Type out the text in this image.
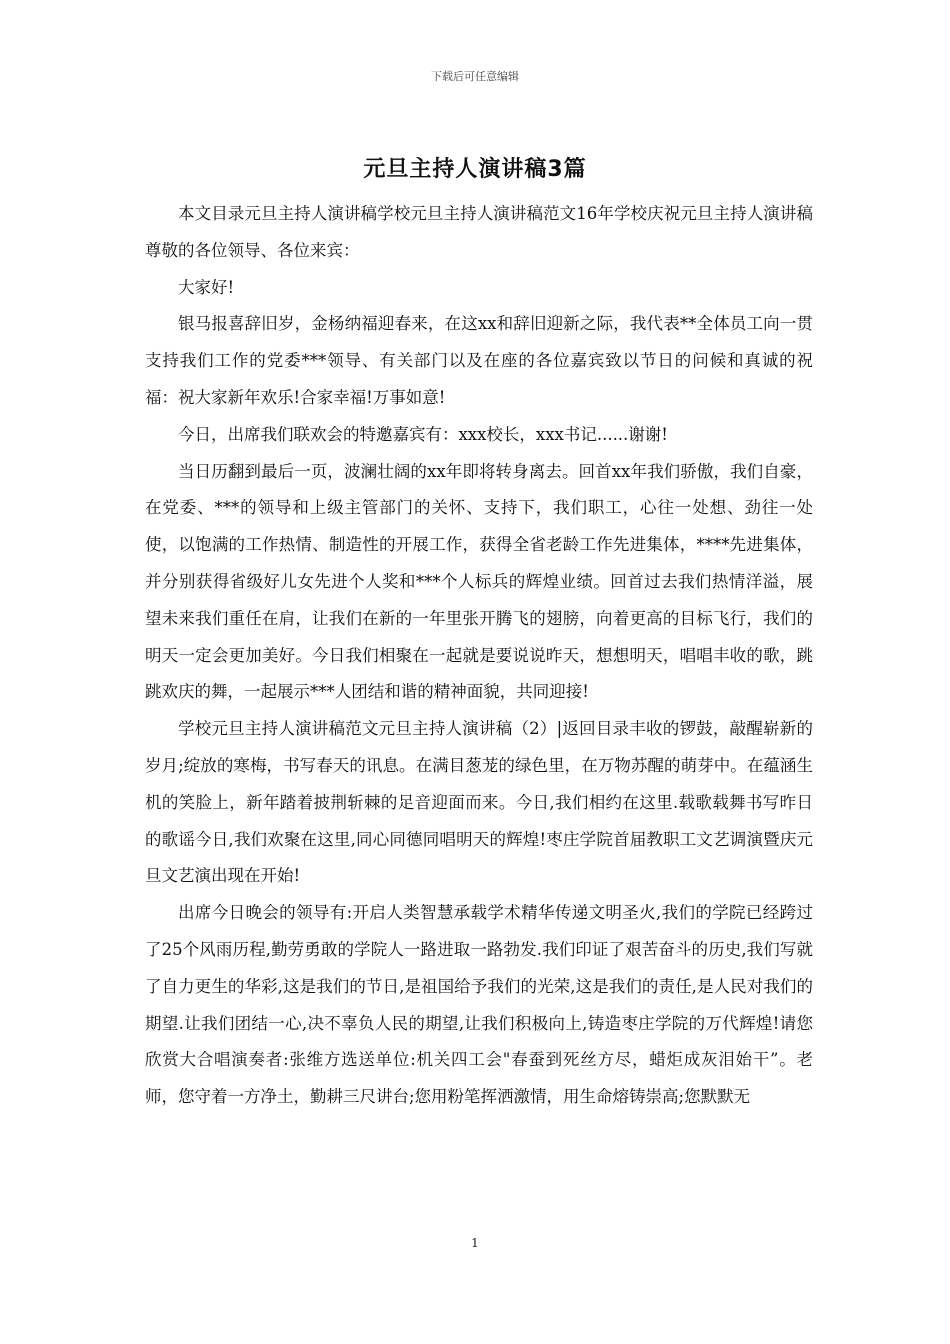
下载后可任意编辑
元旦主持人演讲稿3篇

本文目录元旦主持人演讲稿学校元旦主持人演讲稿范文16年学校庆祝元旦主持人演讲稿尊敬的各位领导、各位来宾：

大家好!

银马报喜辞旧岁，金杨纳福迎春来，在这xx和辞旧迎新之际，我代表**全体员工向一贯支持我们工作的党委***领导、有关部门以及在座的各位嘉宾致以节日的问候和真诚的祝福：祝大家新年欢乐!合家幸福!万事如意!

今日，出席我们联欢会的特邀嘉宾有：xxx校长，xxx书记......谢谢!

当日历翻到最后一页，波澜壮阔的xx年即将转身离去。回首xx年我们骄傲，我们自豪，在党委、***的领导和上级主管部门的关怀、支持下，我们职工，心往一处想、劲往一处使，以饱满的工作热情、制造性的开展工作，获得全省老龄工作先进集体，****先进集体，并分别获得省级好儿女先进个人奖和***个人标兵的辉煌业绩。回首过去我们热情洋溢，展望未来我们重任在肩，让我们在新的一年里张开腾飞的翅膀，向着更高的目标飞行，我们的明天一定会更加美好。今日我们相聚在一起就是要说说昨天，想想明天，唱唱丰收的歌，跳跳欢庆的舞，一起展示***人团结和谐的精神面貌，共同迎接!

学校元旦主持人演讲稿范文元旦主持人演讲稿（2）|返回目录丰收的锣鼓，敲醒崭新的岁月;绽放的寒梅，书写春天的讯息。在满目葱茏的绿色里，在万物苏醒的萌芽中。在蕴涵生机的笑脸上，新年踏着披荆斩棘的足音迎面而来。今日,我们相约在这里.载歌载舞书写昨日的歌谣今日,我们欢聚在这里,同心同德同唱明天的辉煌!枣庄学院首届教职工文艺调演暨庆元旦文艺演出现在开始!

出席今日晚会的领导有:开启人类智慧承载学术精华传递文明圣火,我们的学院已经跨过了25个风雨历程,勤劳勇敢的学院人一路进取一路勃发.我们印证了艰苦奋斗的历史,我们写就了自力更生的华彩,这是我们的节日,是祖国给予我们的光荣,这是我们的责任,是人民对我们的期望.让我们团结一心,决不辜负人民的期望,让我们积极向上,铸造枣庄学院的万代辉煌!请您欣赏大合唱演奏者:张维方选送单位:机关四工会"春蚕到死丝方尽，蜡炬成灰泪始干”。老师，您守着一方净土，勤耕三尺讲台;您用粉笔挥洒激情，用生命熔铸崇高;您默默无

1
